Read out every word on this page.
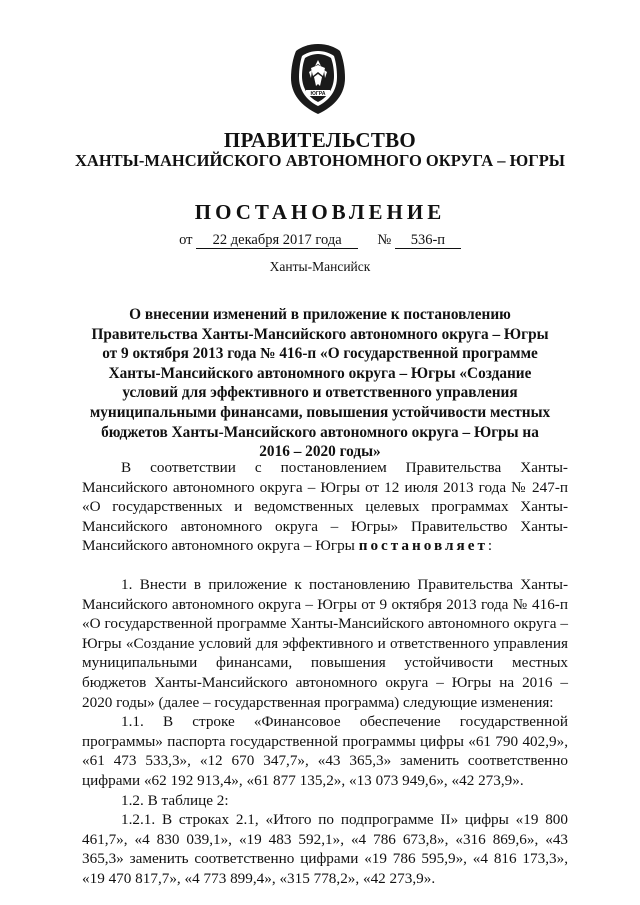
ЮГРА
ПРАВИТЕЛЬСТВО
ХАНТЫ-МАНСИЙСКОГО АВТОНОМНОГО ОКРУГА – ЮГРЫ
ПОСТАНОВЛЕНИЕ
от 22 декабря 2017 года № 536-п
Ханты-Мансийск
О внесении изменений в приложение к постановлению Правительства Ханты-Мансийского автономного округа – Югры от 9 октября 2013 года № 416-п «О государственной программе Ханты-Мансийского автономного округа – Югры «Создание условий для эффективного и ответственного управления муниципальными финансами, повышения устойчивости местных бюджетов Ханты-Мансийского автономного округа – Югры на 2016 – 2020 годы»

В соответствии с постановлением Правительства Ханты-Мансийского автономного округа – Югры от 12 июля 2013 года № 247-п «О государственных и ведомственных целевых программах Ханты-Мансийского автономного округа – Югры» Правительство Ханты-Мансийского автономного округа – Югры постановляет:

1. Внести в приложение к постановлению Правительства Ханты-Мансийского автономного округа – Югры от 9 октября 2013 года № 416-п «О государственной программе Ханты-Мансийского автономного округа – Югры «Создание условий для эффективного и ответственного управления муниципальными финансами, повышения устойчивости местных бюджетов Ханты-Мансийского автономного округа – Югры на 2016 – 2020 годы» (далее – государственная программа) следующие изменения:

1.1. В строке «Финансовое обеспечение государственной программы» паспорта государственной программы цифры «61 790 402,9», «61 473 533,3», «12 670 347,7», «43 365,3» заменить соответственно цифрами «62 192 913,4», «61 877 135,2», «13 073 949,6», «42 273,9».

1.2. В таблице 2:

1.2.1. В строках 2.1, «Итого по подпрограмме II» цифры «19 800 461,7», «4 830 039,1», «19 483 592,1», «4 786 673,8», «316 869,6», «43 365,3» заменить соответственно цифрами «19 786 595,9», «4 816 173,3», «19 470 817,7», «4 773 899,4», «315 778,2», «42 273,9».
